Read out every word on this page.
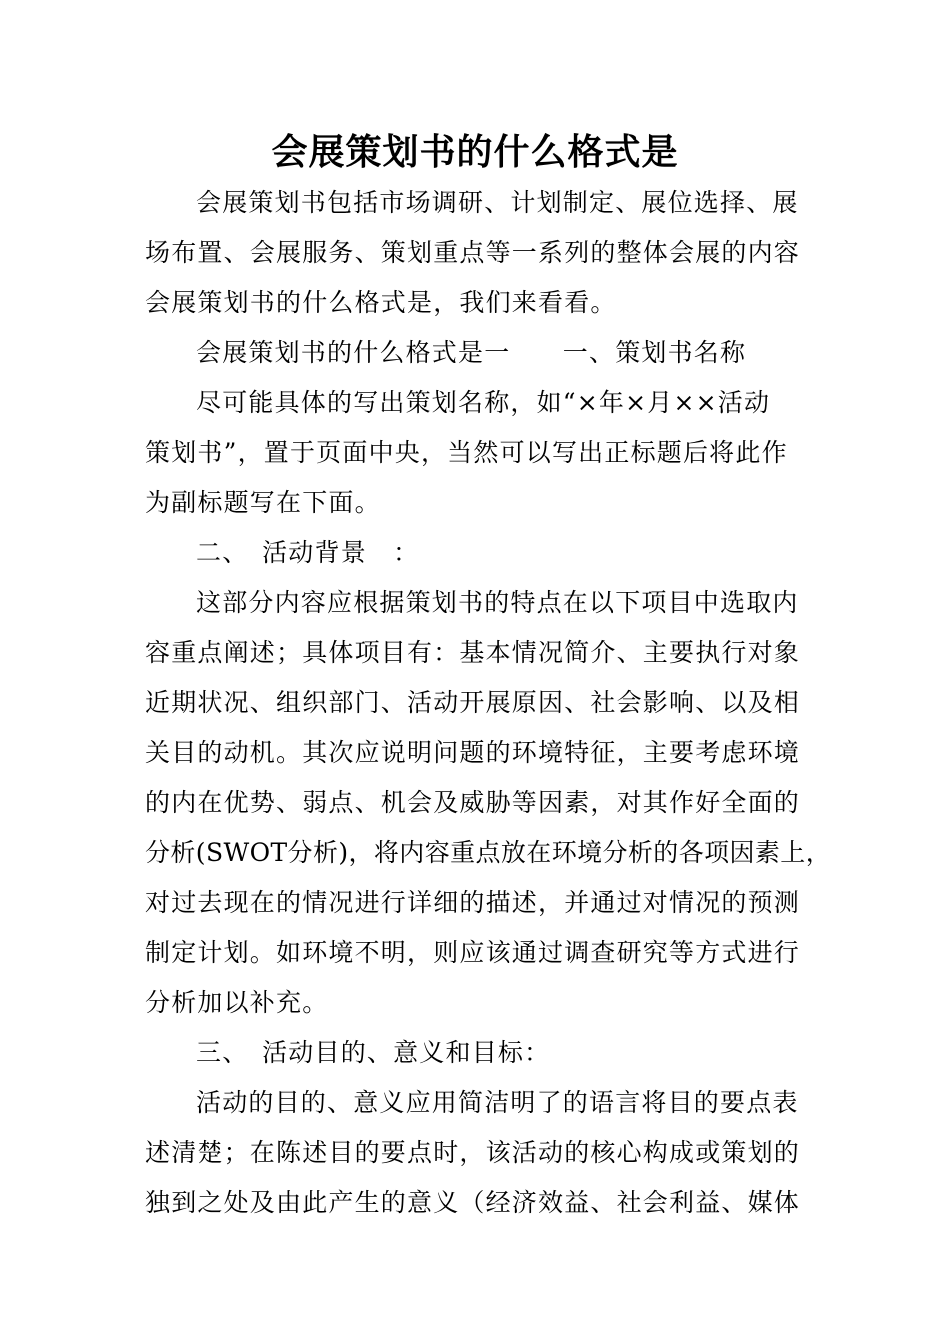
会展策划书的什么格式是

会展策划书包括市场调研、计划制定、展位选择、展

场布置、会展服务、策划重点等一系列的整体会展的内容

会展策划书的什么格式是，我们来看看。

会展策划书的什么格式是一　　一、策划书名称

尽可能具体的写出策划名称，如“×年×月××活动

策划书”，置于页面中央，当然可以写出正标题后将此作

为副标题写在下面。

二、　活动背景　：

这部分内容应根据策划书的特点在以下项目中选取内

容重点阐述；具体项目有：基本情况简介、主要执行对象

近期状况、组织部门、活动开展原因、社会影响、以及相

关目的动机。其次应说明问题的环境特征，主要考虑环境

的内在优势、弱点、机会及威胁等因素，对其作好全面的

分析(SWOT分析)，将内容重点放在环境分析的各项因素上，

对过去现在的情况进行详细的描述，并通过对情况的预测

制定计划。如环境不明，则应该通过调查研究等方式进行

分析加以补充。

三、　活动目的、意义和目标：

活动的目的、意义应用简洁明了的语言将目的要点表

述清楚；在陈述目的要点时，该活动的核心构成或策划的

独到之处及由此产生的意义（经济效益、社会利益、媒体
